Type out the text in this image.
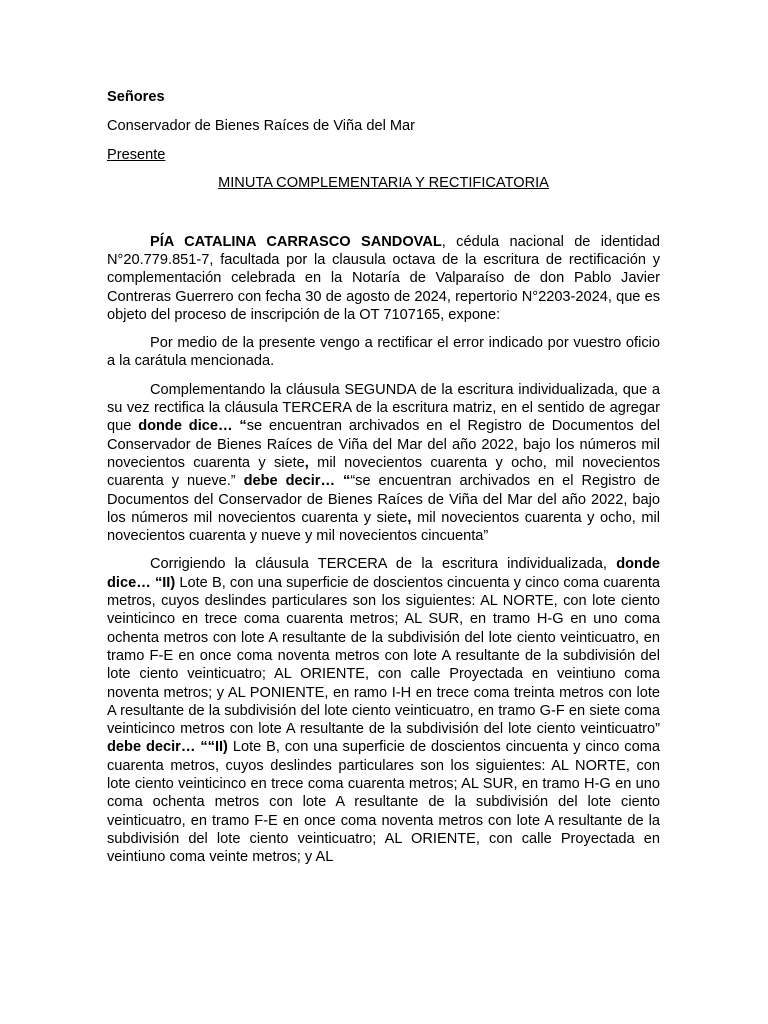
Señores
Conservador de Bienes Raíces de Viña del Mar
Presente
MINUTA COMPLEMENTARIA Y RECTIFICATORIA

PÍA CATALINA CARRASCO SANDOVAL, cédula nacional de identidad N°20.779.851-7, facultada por la clausula octava de la escritura de rectificación y complementación celebrada en la Notaría de Valparaíso de don Pablo Javier Contreras Guerrero con fecha 30 de agosto de 2024, repertorio N°2203-2024, que es objeto del proceso de inscripción de la OT 7107165, expone:

Por medio de la presente vengo a rectificar el error indicado por vuestro oficio a la carátula mencionada.

Complementando la cláusula SEGUNDA de la escritura individualizada, que a su vez rectifica la cláusula TERCERA de la escritura matriz, en el sentido de agregar que donde dice… “se encuentran archivados en el Registro de Documentos del Conservador de Bienes Raíces de Viña del Mar del año 2022, bajo los números mil novecientos cuarenta y siete, mil novecientos cuarenta y ocho, mil novecientos cuarenta y nueve.” debe decir… ““se encuentran archivados en el Registro de Documentos del Conservador de Bienes Raíces de Viña del Mar del año 2022, bajo los números mil novecientos cuarenta y siete, mil novecientos cuarenta y ocho, mil novecientos cuarenta y nueve y mil novecientos cincuenta”

Corrigiendo la cláusula TERCERA de la escritura individualizada, donde dice… “II) Lote B, con una superficie de doscientos cincuenta y cinco coma cuarenta metros, cuyos deslindes particulares son los siguientes: AL NORTE, con lote ciento veinticinco en trece coma cuarenta metros; AL SUR, en tramo H-G en uno coma ochenta metros con lote A resultante de la subdivisión del lote ciento veinticuatro, en tramo F-E en once coma noventa metros con lote A resultante de la subdivisión del lote ciento veinticuatro; AL ORIENTE, con calle Proyectada en veintiuno coma noventa metros; y AL PONIENTE, en ramo I-H en trece coma treinta metros con lote A resultante de la subdivisión del lote ciento veinticuatro, en tramo G-F en siete coma veinticinco metros con lote A resultante de la subdivisión del lote ciento veinticuatro” debe decir… ““II) Lote B, con una superficie de doscientos cincuenta y cinco coma cuarenta metros, cuyos deslindes particulares son los siguientes: AL NORTE, con lote ciento veinticinco en trece coma cuarenta metros; AL SUR, en tramo H-G en uno coma ochenta metros con lote A resultante de la subdivisión del lote ciento veinticuatro, en tramo F-E en once coma noventa metros con lote A resultante de la subdivisión del lote ciento veinticuatro; AL ORIENTE, con calle Proyectada en veintiuno coma veinte metros; y AL
